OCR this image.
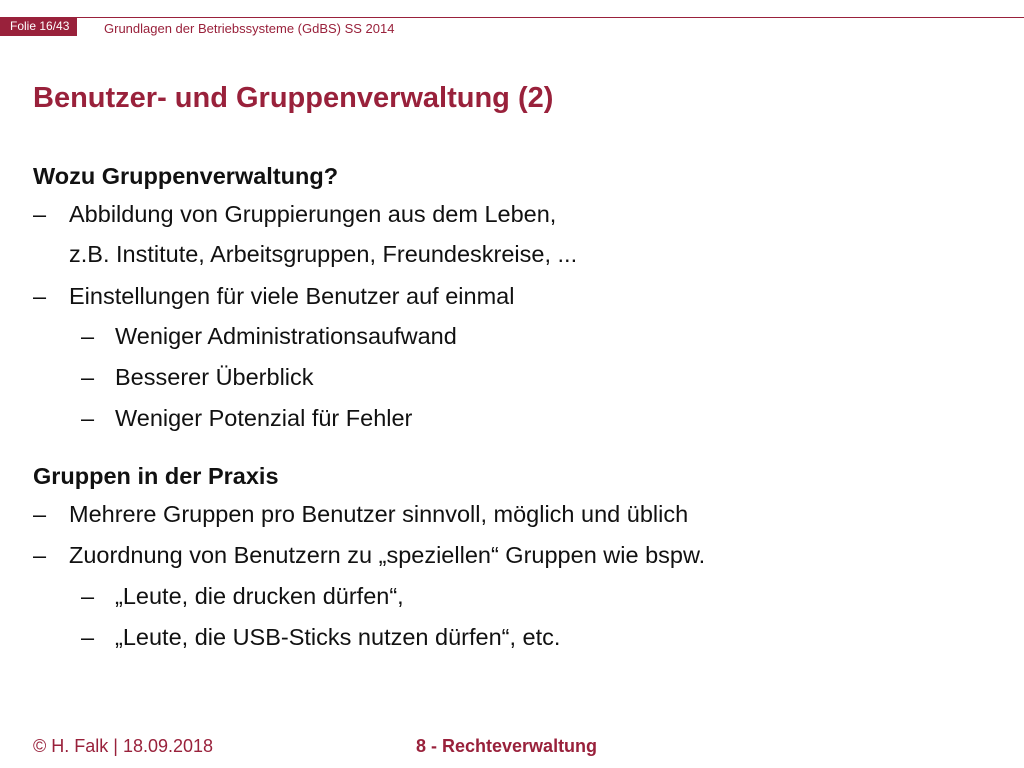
Folie 16/43	Grundlagen der Betriebssysteme (GdBS) SS 2014
Benutzer- und Gruppenverwaltung (2)
Wozu Gruppenverwaltung?
– Abbildung von Gruppierungen aus dem Leben,
z.B. Institute, Arbeitsgruppen, Freundeskreise, ...
– Einstellungen für viele Benutzer auf einmal
– Weniger Administrationsaufwand
– Besserer Überblick
– Weniger Potenzial für Fehler
Gruppen in der Praxis
– Mehrere Gruppen pro Benutzer sinnvoll, möglich und üblich
– Zuordnung von Benutzern zu „speziellen“ Gruppen wie bspw.
– „Leute, die drucken dürfen“,
– „Leute, die USB-Sticks nutzen dürfen“, etc.
© H. Falk | 18.09.2018	8 - Rechteverwaltung
